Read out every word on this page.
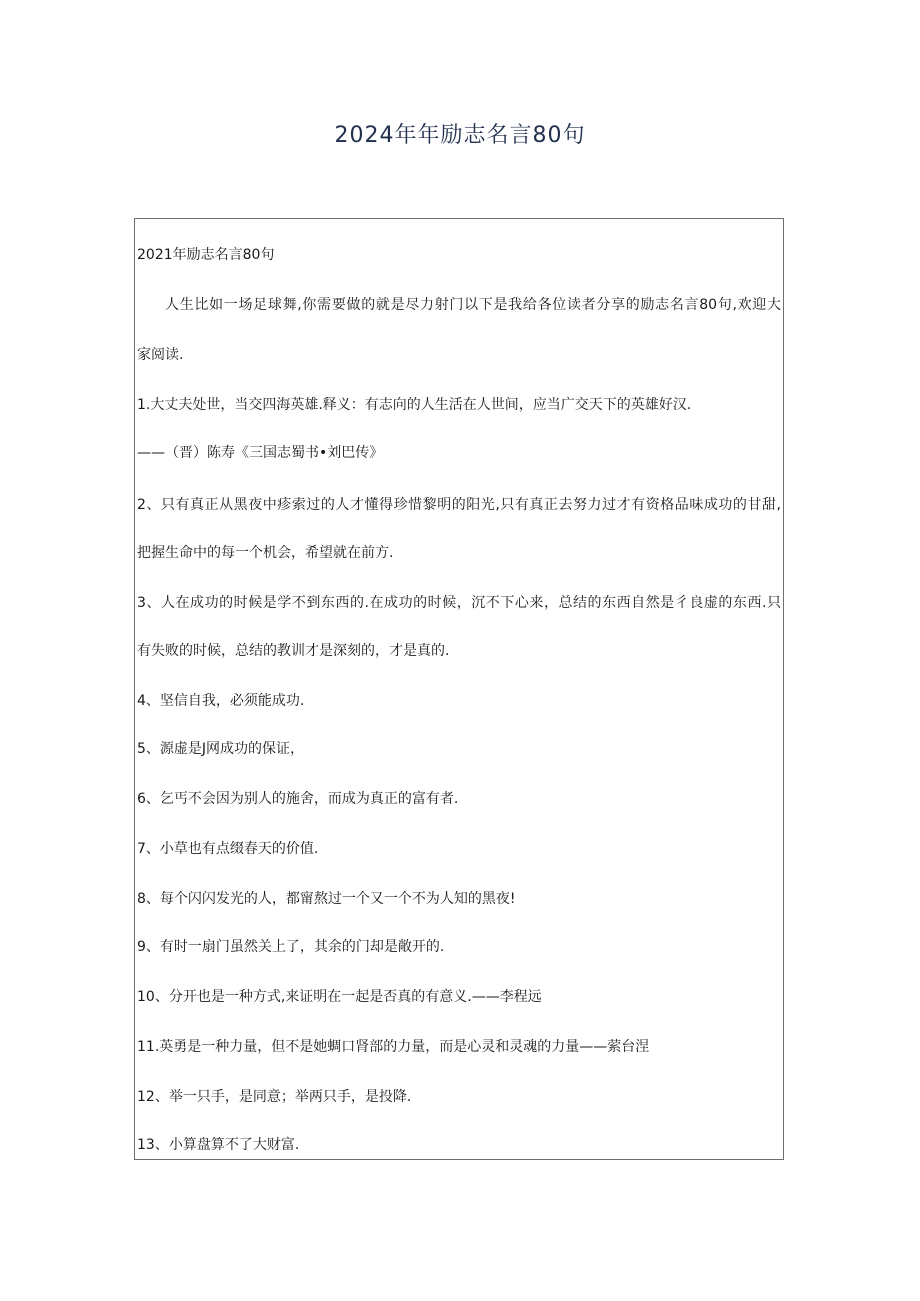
2024年年励志名言80句
2021年励志名言80句
人生比如一场足球舞,你需要做的就是尽力射门以下是我给各位读者分享的励志名言80句,欢迎大
家阅读.
1.大丈夫处世，当交四海英雄.释义：有志向的人生活在人世间，应当广交天下的英雄好汉.
——（晋）陈寿《三国志蜀书•刘巴传》
2、只有真正从黑夜中疹索过的人才懂得珍惜黎明的阳光,只有真正去努力过才有资格品味成功的甘甜,
把握生命中的每一个机会，希望就在前方.
3、人在成功的时候是学不到东西的.在成功的时候，沉不下心来，总结的东西自然是彳良虚的东西.只
有失败的时候，总结的教训才是深刻的，才是真的.
4、坚信自我，必须能成功.
5、源虚是J网成功的保证，
6、乞丐不会因为别人的施舍，而成为真正的富有者.
7、小草也有点缀春天的价值.
8、每个闪闪发光的人，都甯熬过一个又一个不为人知的黑夜!
9、有时一扇门虽然关上了，其余的门却是敞开的.
10、分开也是一种方式,来证明在一起是否真的有意义.——李程远
11.英勇是一种力量，但不是她蜩口肾部的力量，而是心灵和灵魂的力量——萦台涅
12、举一只手，是同意；举两只手，是投降.
13、小算盘算不了大财富.
